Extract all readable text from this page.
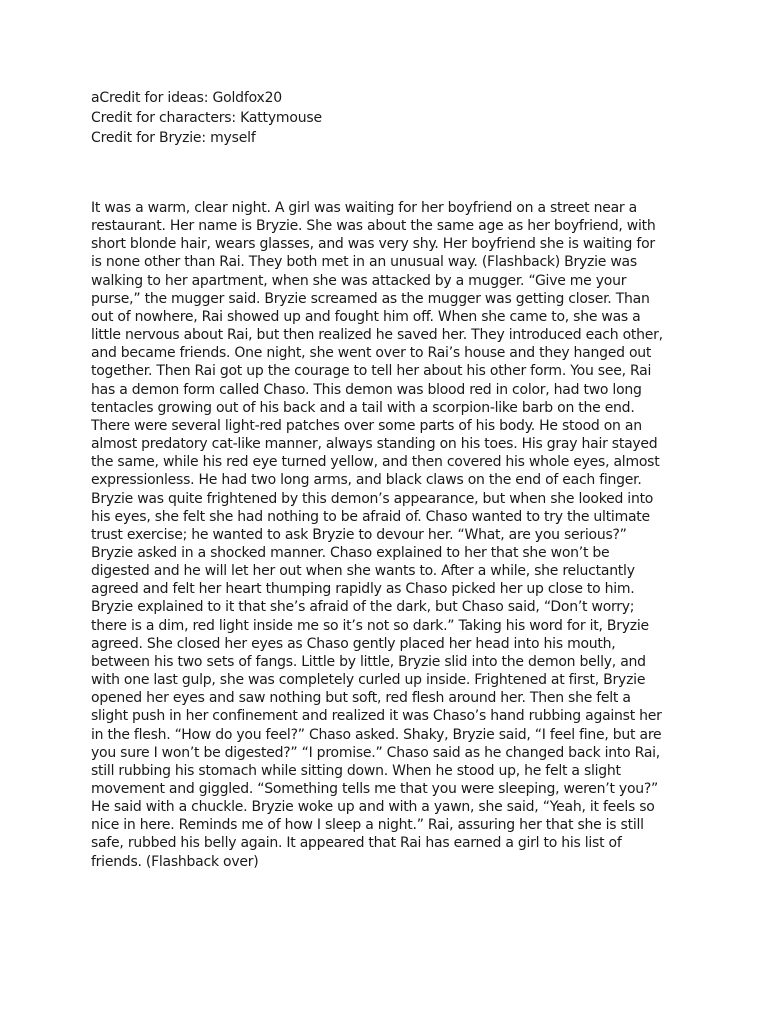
aCredit for ideas: Goldfox20
Credit for characters: Kattymouse
Credit for Bryzie: myself
It was a warm, clear night. A girl was waiting for her boyfriend on a street near a
restaurant. Her name is Bryzie. She was about the same age as her boyfriend, with
short blonde hair, wears glasses, and was very shy. Her boyfriend she is waiting for
is none other than Rai. They both met in an unusual way. (Flashback) Bryzie was
walking to her apartment, when she was attacked by a mugger. “Give me your
purse,” the mugger said. Bryzie screamed as the mugger was getting closer. Than
out of nowhere, Rai showed up and fought him off. When she came to, she was a
little nervous about Rai, but then realized he saved her. They introduced each other,
and became friends. One night, she went over to Rai’s house and they hanged out
together. Then Rai got up the courage to tell her about his other form. You see, Rai
has a demon form called Chaso. This demon was blood red in color, had two long
tentacles growing out of his back and a tail with a scorpion-like barb on the end.
There were several light-red patches over some parts of his body. He stood on an
almost predatory cat-like manner, always standing on his toes. His gray hair stayed
the same, while his red eye turned yellow, and then covered his whole eyes, almost
expressionless. He had two long arms, and black claws on the end of each finger.
Bryzie was quite frightened by this demon’s appearance, but when she looked into
his eyes, she felt she had nothing to be afraid of. Chaso wanted to try the ultimate
trust exercise; he wanted to ask Bryzie to devour her. “What, are you serious?”
Bryzie asked in a shocked manner. Chaso explained to her that she won’t be
digested and he will let her out when she wants to. After a while, she reluctantly
agreed and felt her heart thumping rapidly as Chaso picked her up close to him.
Bryzie explained to it that she’s afraid of the dark, but Chaso said, “Don’t worry;
there is a dim, red light inside me so it’s not so dark.” Taking his word for it, Bryzie
agreed. She closed her eyes as Chaso gently placed her head into his mouth,
between his two sets of fangs. Little by little, Bryzie slid into the demon belly, and
with one last gulp, she was completely curled up inside. Frightened at first, Bryzie
opened her eyes and saw nothing but soft, red flesh around her. Then she felt a
slight push in her confinement and realized it was Chaso’s hand rubbing against her
in the flesh. “How do you feel?” Chaso asked. Shaky, Bryzie said, “I feel fine, but are
you sure I won’t be digested?” “I promise.” Chaso said as he changed back into Rai,
still rubbing his stomach while sitting down. When he stood up, he felt a slight
movement and giggled. “Something tells me that you were sleeping, weren’t you?”
He said with a chuckle. Bryzie woke up and with a yawn, she said, “Yeah, it feels so
nice in here. Reminds me of how I sleep a night.” Rai, assuring her that she is still
safe, rubbed his belly again. It appeared that Rai has earned a girl to his list of
friends. (Flashback over)
